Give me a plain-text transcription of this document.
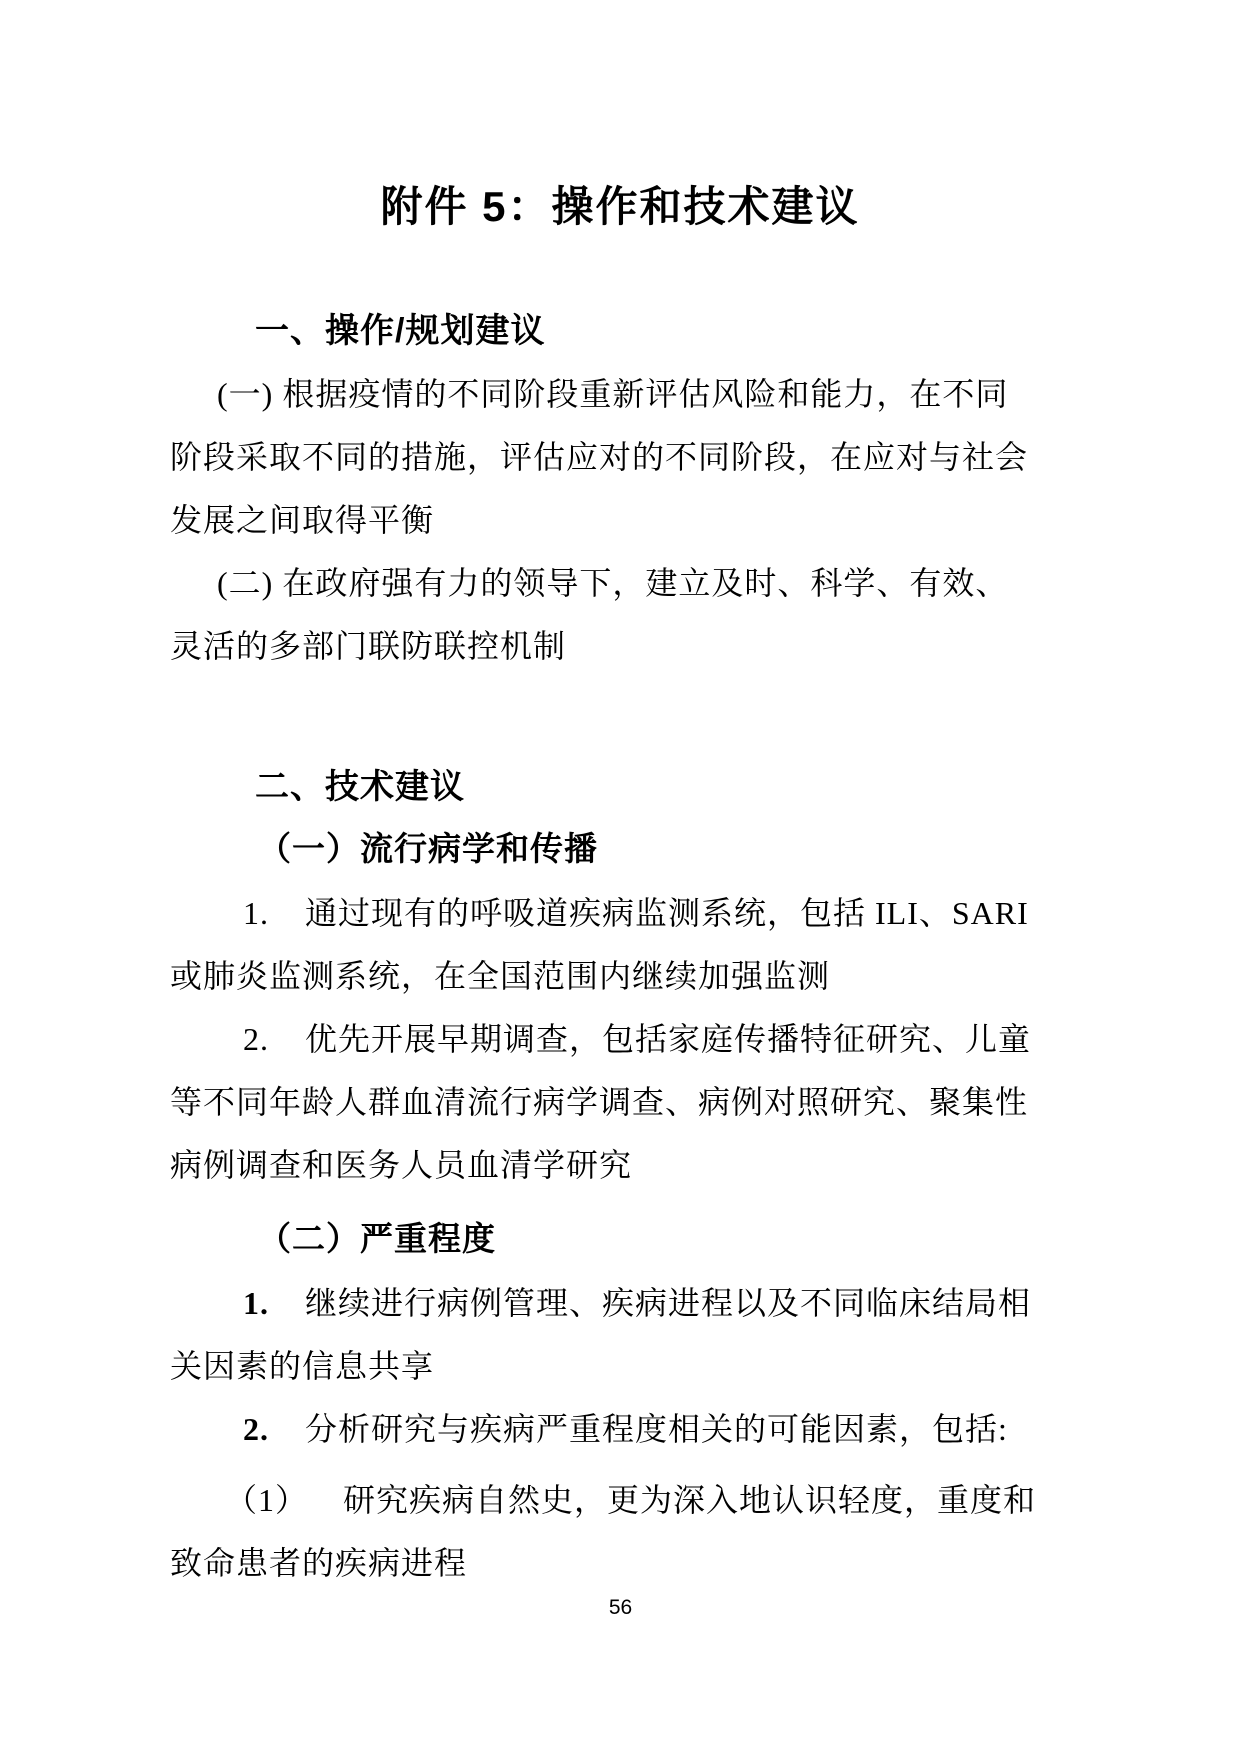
附件 5：操作和技术建议
一、操作/规划建议
(一) 根据疫情的不同阶段重新评估风险和能力，在不同
阶段采取不同的措施，评估应对的不同阶段，在应对与社会
发展之间取得平衡
(二) 在政府强有力的领导下，建立及时、科学、有效、
灵活的多部门联防联控机制
二、技术建议
（一）流行病学和传播
1. 通过现有的呼吸道疾病监测系统，包括 ILI、SARI
或肺炎监测系统，在全国范围内继续加强监测
2. 优先开展早期调查，包括家庭传播特征研究、儿童
等不同年龄人群血清流行病学调查、病例对照研究、聚集性
病例调查和医务人员血清学研究
（二）严重程度
1. 继续进行病例管理、疾病进程以及不同临床结局相
关因素的信息共享
2. 分析研究与疾病严重程度相关的可能因素，包括:
（1） 研究疾病自然史，更为深入地认识轻度，重度和
致命患者的疾病进程
56
